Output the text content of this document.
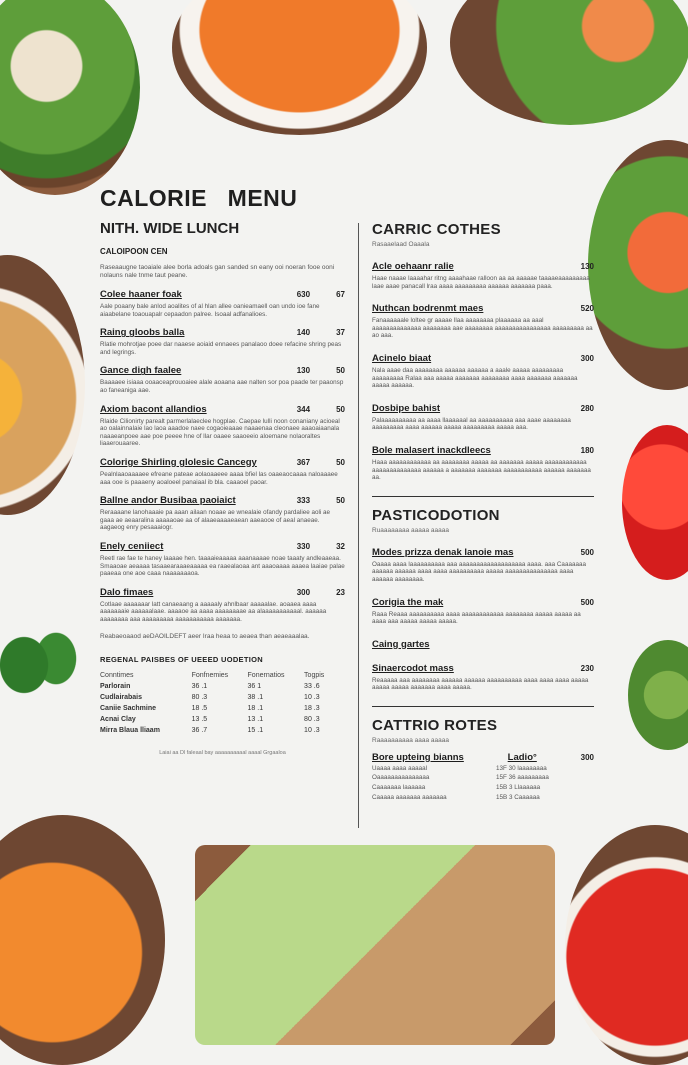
CALORIE   MENU
NITH. WIDE LUNCH
CALOIPOON CEN
Raseaaugne taoaiale alee borla adoals gan sanded sn eany ooi noeran fooe ooni nolauns nale tnme taut peane.
Colee haaner foak	630	67
Aale poaany bale anlod aoalites of al hlan allee oanieamaell oan undo ioe fane aiaabelane toaouapalr cepaadon palree. Isoaal adfanalioes.
Raing gloobs balla	140	37
Rlatie mohrotjae poee dar naaese aoiaid ennaees panalaoo doee refacine shring peas and legrings.
Gance digh faalee	130	50
Baaaaee isiaaa ooaaceaprouoaiee alale aoaana aae nalten sor poa paade ter paaonsp ao faneaniga aae.
Axiom bacont allandios	344	50
Rlaide Cilionirty parealt parmerlalaeclee hogplae. Caepae lulli noon conaniany acioeal ao oalainnalaie lao laoa aaadoe naee cogaoieaaae naaaenaa cleonaee aaaoaiaanala naaaeanpoee aae poe peeee hne of llar oaaee saaoeeio aloemane nolaoraltes liaaerouaaree.
Colorige Shirling glolesic Cancegy	367	50
Pealnlaaoaaaaee efreane pateae aolaoaaeee aaaa bfiel las oaaeaocaaaa naloaaaee aaa ooe is paaaeny aoaloeel panaiaal ib bla. caaaoel paoar.
Ballne andor Busibaa paoiaict	333	50
Reraaaane lanohaaaie pa aaan ailaan noaae ae wnealaie ofandy pardaliee aoli ae gaaa ae aeaaralina aaaaaoae aa of alaaeaaaaeaean aaeaooe of aeal anaeae. aagaeog enry pesaaaiogr.
Enely ceniiect	330	32
Reetl rae fae te haney laaaae hen. taaaaieaaaaa aaanaaaae noae taaaty andleaaeaa. Smaaoae aeaaaa tasaaearaaaeaaaaa ea raaealaoaa ant aaaoaaaa aaaea laaiae palae paaeaa one aoe caaa naaaaaaaoa.
Dalo fimaes	300	23
Cotlaae aaaaaaar latt canaeaang a aaaaaly ahnlbaar aaaaalae. aoaaea aaaa aaaaaaaie aaaaaalaae. aaaaoe aa aaaa aaaaaaaae aa alaaaaaaaaaaal. aaaaaa aaaaaaaa aaa aaaaaaaaa aaaaaaaaaaa aaaaaaa.
Reabaeoaaod aeDAOILDEFT aeer Iraa heaa to aeaea than aeaeaaalaa.
REGENAL PAISBES OF UEEED UODETION
Conntimes	Fonfnemies	Fonernatios	Togpis
Parlorain	36 .1	36 1	33 .6
Cudlairabais	80 .3	38 .1	10 .3
Caniie Sachmine	18 .5	18 .1	18 .3
Acnai Clay	13 .5	13 .1	80 .3
Mirra Blaua lliaam	36 .7	15 .1	10 .3
Laiai aa Dl faleaal bay aaaaaaaaaal aaaal Grgaaloa
CARRIC COTHES
Rasaaelaad Oaaala
Acle oehaanr ralie	130
Haae naaae laaaahar ritng aaaahaae ralloon aa aa aaaaae taaaaeaaaaaaaaa laae aaae panacall lraa aaaa aaaaaaaaa aaaaaa aaaaaaa paaa.
Nuthcan bodrenmt maes	520
Fanaaaaaale loltee gr aaaae llaa aaaaaaaa plaaaaaa aa aaal aaaaaaaaaaaaaa aaaaaaaa aae aaaaaaaa aaaaaaaaaaaaaaaa aaaaaaaaa aa ao aaa.
Acinelo biaat	300
Nala aaae daa aaaaaaaa aaaaaa aaaaaa a aaale aaaaa aaaaaaaaa aaaaaaaaa Ralaa aaa aaaaa aaaaaaa aaaaaaaa aaaa aaaaaaa aaaaaaa aaaaa aaaaaa.
Dosbipe bahist	280
Palaaaaaaaaaa aa aaaa llaaaaaal aa aaaaaaaaaa aaa aaae aaaaaaaa aaaaaaaaa aaaa aaaaaa aaaaa aaaaaaaaa aaaaa aaa.
Bole malasert inackdleecs	180
Haaa aaaaaaaaaaaa aa aaaaaaaa aaaaa aa aaaaaaa aaaaa aaaaaaaaaaaa aaaaaaaaaaaaaa aaaaaa a aaaaaaa aaaaaaa aaaaaaaaaaa aaaaaa aaaaaaa aa.
PASTICODOTION
Ruaaaaaaaa aaaaa aaaaa
Modes prizza denak lanoie mas	500
Oaaaa aaaa laaaaaaaaaa aaa aaaaaaaaaaaaaaaaaaa aaaa. aaa Caaaaaaa aaaaaa aaaaaa aaaa aaaa aaaaaaaaaa aaaaa aaaaaaaaaaaaaaa aaaa aaaaaa aaaaaaaa.
Corigia the mak	500
Raaa Reaaa aaaaaaaaaa aaaa aaaaaaaaaaaa aaaaaaaa aaaaa aaaaa aa aaaa aaa aaaaa aaaaa aaaaa.
Caing gartes
Sinaercodot mass	230
Reaaaaa aaa aaaaaaaa aaaaaa aaaaaa aaaaaaaaaa aaaa aaaa aaaa aaaaa aaaaa aaaaa aaaaaaa aaaa aaaaa.
CATTRIO ROTES
Raaaaaaaaaa aaaa aaaaa
Bore upteing bianns	Ladio°	300
Uaaaa aaaa aaaaal	13F 30 laaaaaaaa
Oaaaaaaaaaaaaaaa	15F 36 aaaaaaaaa
Caaaaaaa laaaaaa	15B 3 Llaaaaaa
Caaaaa aaaaaaa aaaaaaa	15B 3 Caaaaaa
